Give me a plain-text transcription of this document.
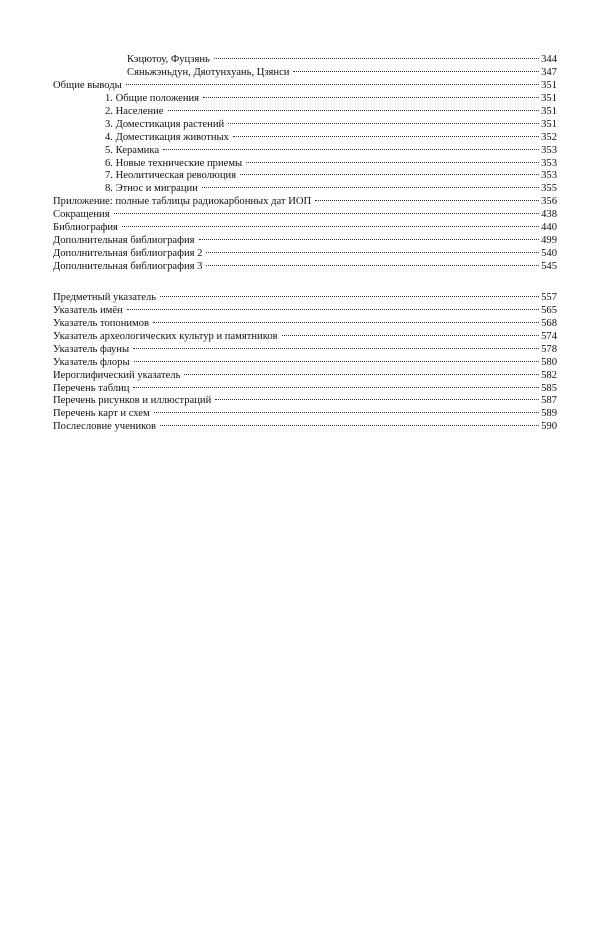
Кэцютоу, Фуцзянь	344
Сяньжэньдун, Дяотунхуань, Цзянси	347
Общие выводы	351
1. Общие положения	351
2. Население	351
3. Доместикация растений	351
4. Доместикация животных	352
5. Керамика	353
6. Новые технические приемы	353
7. Неолитическая революция	353
8. Этнос и миграции	355
Приложение: полные таблицы радиокарбонных дат ИОП	356
Сокращения	438
Библиография	440
Дополнительная библиография	499
Дополнительная библиография 2	540
Дополнительная библиография 3	545
Предметный указатель	557
Указатель имён	565
Указатель топонимов	568
Указатель археологических культур и памятников	574
Указатель фауны	578
Указатель флоры	580
Иероглифический указатель	582
Перечень таблиц	585
Перечень рисунков и иллюстраций	587
Перечень карт и схем	589
Послесловие учеников	590
